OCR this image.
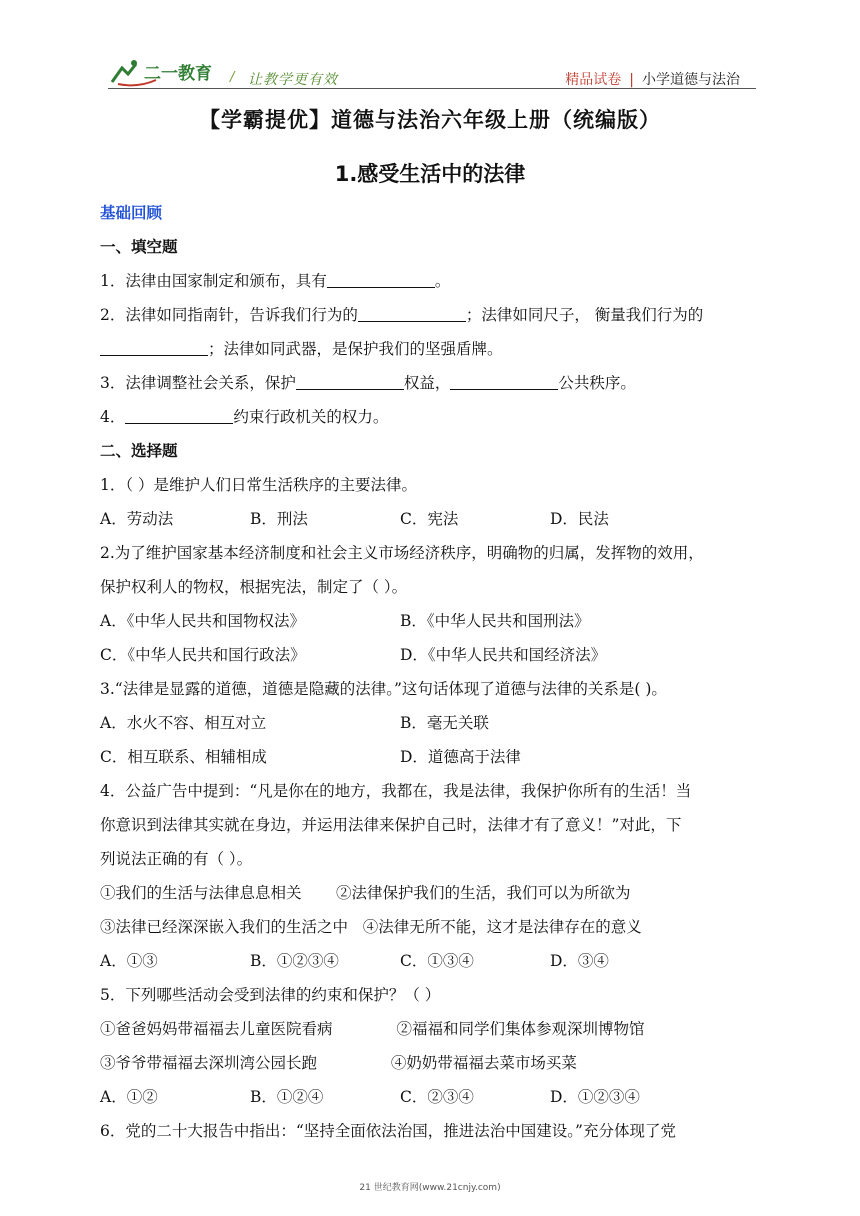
二一教育 / 让教学更有效	精品试卷 | 小学道德与法治
【学霸提优】道德与法治六年级上册（统编版）
1.感受生活中的法律
基础回顾
一、填空题
1．法律由国家制定和颁布，具有	。
2．法律如同指南针，告诉我们行为的	；法律如同尺子， 衡量我们行为的
；法律如同武器，是保护我们的坚强盾牌。
3．法律调整社会关系，保护	权益，	公共秩序。
4．	约束行政机关的权力。
二、选择题
1．（ ）是维护人们日常生活秩序的主要法律。
A．劳动法	B．刑法	C．宪法	D．民法
2.为了维护国家基本经济制度和社会主义市场经济秩序，明确物的归属，发挥物的效用，
保护权利人的物权，根据宪法，制定了（ ）。
A．《中华人民共和国物权法》	B．《中华人民共和国刑法》
C．《中华人民共和国行政法》	D．《中华人民共和国经济法》
3.“法律是显露的道德，道德是隐藏的法律。”这句话体现了道德与法律的关系是( )。
A．水火不容、相互对立	B．毫无关联
C．相互联系、相辅相成	D．道德高于法律
4．公益广告中提到：“凡是你在的地方，我都在，我是法律，我保护你所有的生活！当
你意识到法律其实就在身边，并运用法律来保护自己时，法律才有了意义！”对此，下
列说法正确的有（ ）。
①我们的生活与法律息息相关       ②法律保护我们的生活，我们可以为所欲为
③法律已经深深嵌入我们的生活之中   ④法律无所不能，这才是法律存在的意义
A．①③	B．①②③④	C．①③④	D．③④
5．下列哪些活动会受到法律的约束和保护？（ ）
①爸爸妈妈带福福去儿童医院看病             ②福福和同学们集体参观深圳博物馆
③爷爷带福福去深圳湾公园长跑               ④奶奶带福福去菜市场买菜
A．①②	B．①②④	C．②③④	D．①②③④
6．党的二十大报告中指出：“坚持全面依法治国，推进法治中国建设。”充分体现了党
21 世纪教育网(www.21cnjy.com)
